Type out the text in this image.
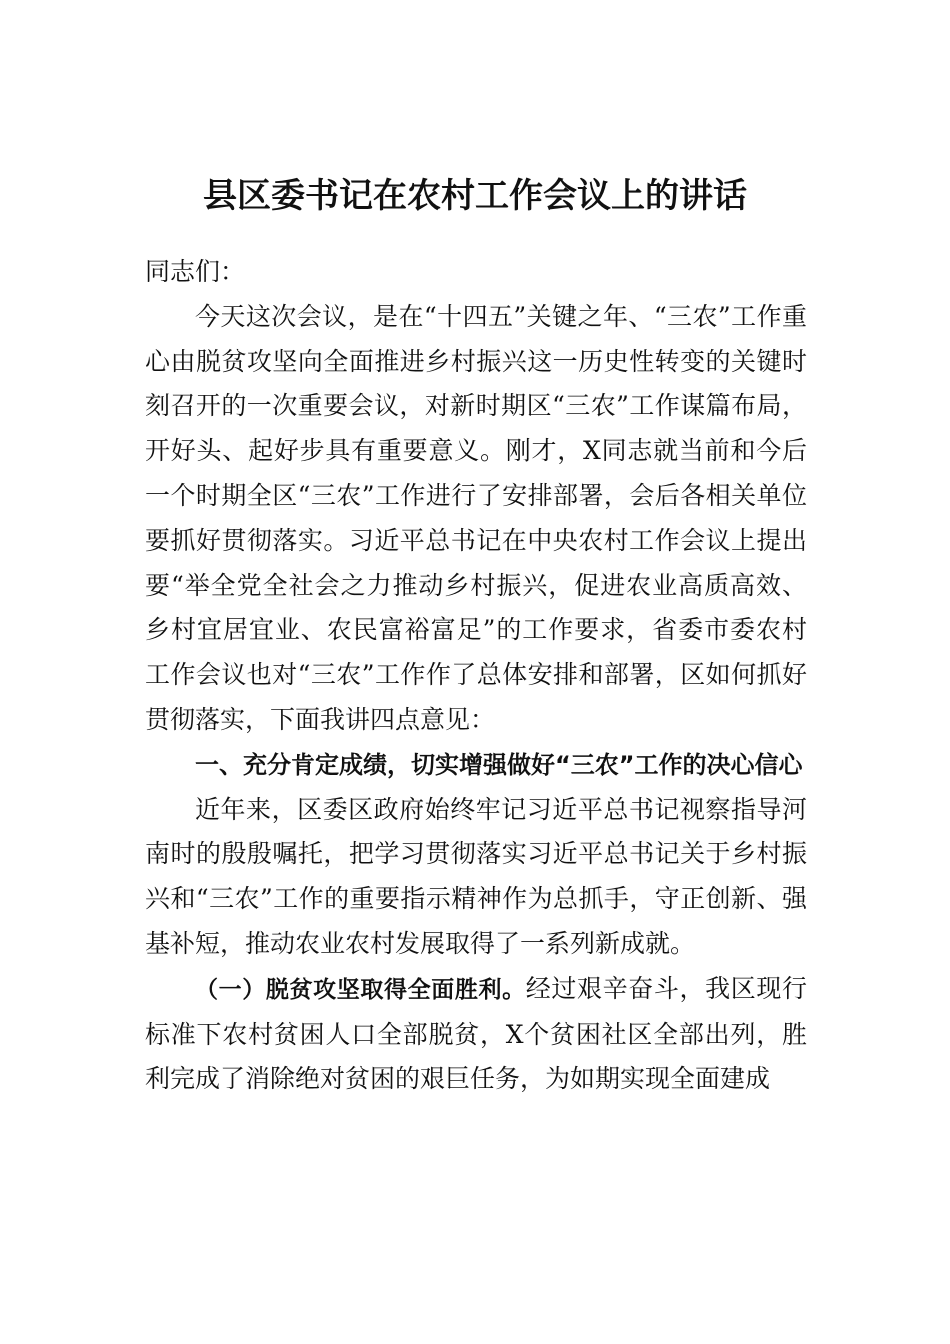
县区委书记在农村工作会议上的讲话

同志们：

今天这次会议，是在“十四五”关键之年、“三农”工作重心由脱贫攻坚向全面推进乡村振兴这一历史性转变的关键时刻召开的一次重要会议，对新时期区“三农”工作谋篇布局，开好头、起好步具有重要意义。刚才，X同志就当前和今后一个时期全区“三农”工作进行了安排部署，会后各相关单位要抓好贯彻落实。习近平总书记在中央农村工作会议上提出要“举全党全社会之力推动乡村振兴，促进农业高质高效、乡村宜居宜业、农民富裕富足”的工作要求，省委市委农村工作会议也对“三农”工作作了总体安排和部署，区如何抓好贯彻落实，下面我讲四点意见：

一、充分肯定成绩，切实增强做好“三农”工作的决心信心

近年来，区委区政府始终牢记习近平总书记视察指导河南时的殷殷嘱托，把学习贯彻落实习近平总书记关于乡村振兴和“三农”工作的重要指示精神作为总抓手，守正创新、强基补短，推动农业农村发展取得了一系列新成就。

（一）脱贫攻坚取得全面胜利。经过艰辛奋斗，我区现行标准下农村贫困人口全部脱贫，X个贫困社区全部出列，胜利完成了消除绝对贫困的艰巨任务，为如期实现全面建成
